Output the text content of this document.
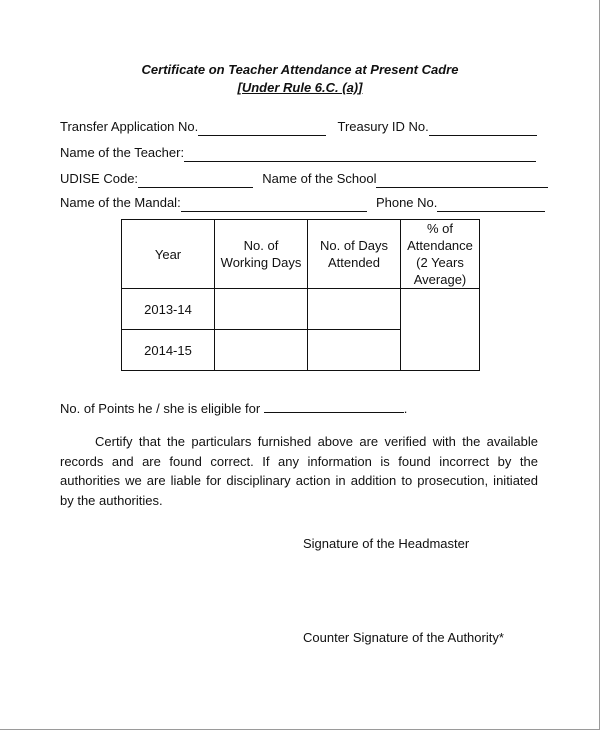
Certificate on Teacher Attendance at Present Cadre
[Under Rule 6.C. (a)]
Transfer Application No.	Treasury ID No.
Name of the Teacher:
UDISE Code:	Name of the School
Name of the Mandal:	Phone No.
Year	No. of Working Days	No. of Days Attended	% of Attendance (2 Years Average)
2013-14			
2014-15			
No. of Points he / she is eligible for	.
Certify that the particulars furnished above are verified with the available records and are found correct. If any information is found incorrect by the authorities we are liable for disciplinary action in addition to prosecution, initiated by the authorities.
Signature of the Headmaster
Counter Signature of the Authority*
